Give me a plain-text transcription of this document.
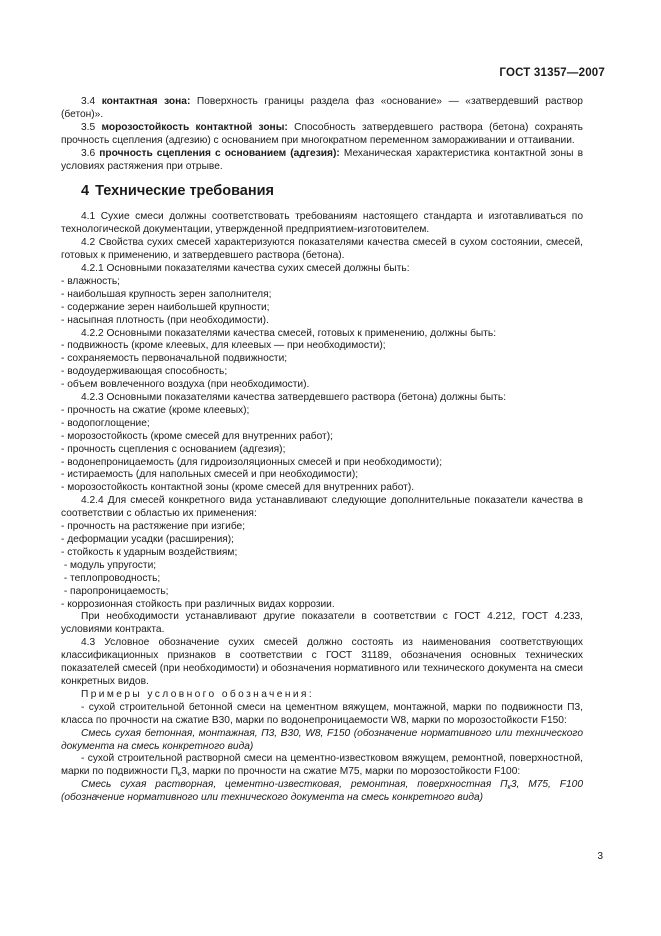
ГОСТ 31357—2007

3.4 контактная зона: Поверхность границы раздела фаз «основание» — «затвердевший раствор (бетон)».

3.5 морозостойкость контактной зоны: Способность затвердевшего раствора (бетона) сохранять прочность сцепления (адгезию) с основанием при многократном переменном замораживании и оттаивании.

3.6 прочность сцепления с основанием (адгезия): Механическая характеристика контактной зоны в условиях растяжения при отрыве.

4 Технические требования

4.1 Сухие смеси должны соответствовать требованиям настоящего стандарта и изготавливаться по технологической документации, утвержденной предприятием-изготовителем.

4.2 Свойства сухих смесей характеризуются показателями качества смесей в сухом состоянии, смесей, готовых к применению, и затвердевшего раствора (бетона).

4.2.1 Основными показателями качества сухих смесей должны быть:

- влажность;

- наибольшая крупность зерен заполнителя;

- содержание зерен наибольшей крупности;

- насыпная плотность (при необходимости).

4.2.2 Основными показателями качества смесей, готовых к применению, должны быть:

- подвижность (кроме клеевых, для клеевых — при необходимости);

- сохраняемость первоначальной подвижности;

- водоудерживающая способность;

- объем вовлеченного воздуха (при необходимости).

4.2.3 Основными показателями качества затвердевшего раствора (бетона) должны быть:

- прочность на сжатие (кроме клеевых);

- водопоглощение;

- морозостойкость (кроме смесей для внутренних работ);

- прочность сцепления с основанием (адгезия);

- водонепроницаемость (для гидроизоляционных смесей и при необходимости);

- истираемость (для напольных смесей и при необходимости);

- морозостойкость контактной зоны (кроме смесей для внутренних работ).

4.2.4 Для смесей конкретного вида устанавливают следующие дополнительные показатели качества в соответствии с областью их применения:

- прочность на растяжение при изгибе;

- деформации усадки (расширения);

- стойкость к ударным воздействиям;

- модуль упругости;

- теплопроводность;

- паропроницаемость;

- коррозионная стойкость при различных видах коррозии.

При необходимости устанавливают другие показатели в соответствии с ГОСТ 4.212, ГОСТ 4.233, условиями контракта.

4.3 Условное обозначение сухих смесей должно состоять из наименования соответствующих классификационных признаков в соответствии с ГОСТ 31189, обозначения основных технических показателей смесей (при необходимости) и обозначения нормативного или технического документа на смеси конкретных видов.

Примеры условного обозначения:

- сухой строительной бетонной смеси на цементном вяжущем, монтажной, марки по подвижности П3, класса по прочности на сжатие В30, марки по водонепроницаемости W8, марки по морозостойкости F150:

Смесь сухая бетонная, монтажная, П3, В30, W8, F150 (обозначение нормативного или технического документа на смесь конкретного вида)

- сухой строительной растворной смеси на цементно-известковом вяжущем, ремонтной, поверхностной, марки по подвижности $П_к3$, марки по прочности на сжатие М75, марки по морозостойкости F100:

Смесь сухая растворная, цементно-известковая, ремонтная, поверхностная $П_к3$, М75, F100 (обозначение нормативного или технического документа на смесь конкретного вида)

3
